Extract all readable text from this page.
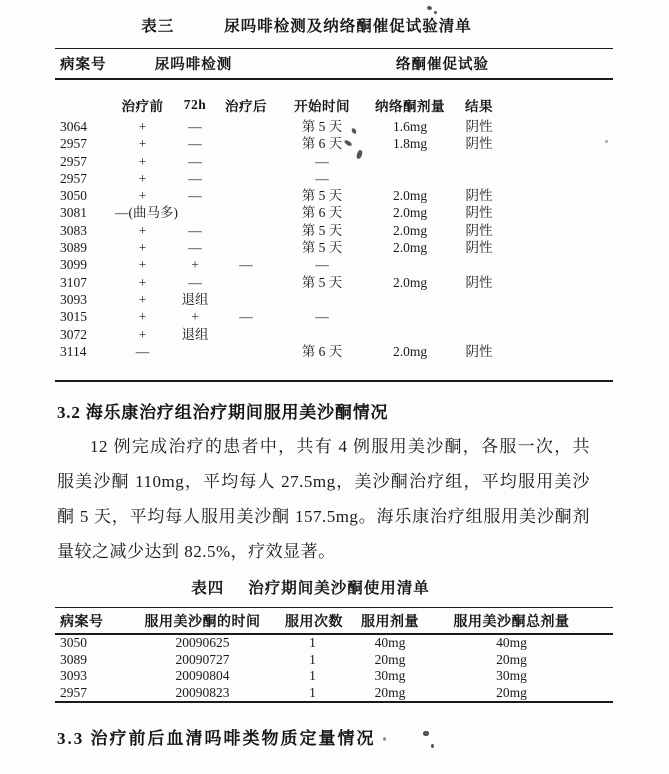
表三	尿吗啡检测及纳络酮催促试验清单
病案号	尿吗啡检测			络酮催促试验			
	治疗前	72h	治疗后	开始时间	纳络酮剂量	结果	
3064	+	—		第 5 天	1.6mg	阴性	
2957	+	—		第 6 天	1.8mg	阴性	
2957	+	—		—			
2957	+	—		—			
3050	+	—		第 5 天	2.0mg	阴性	
3081	—(曲马多)			第 6 天	2.0mg	阴性	
3083	+	—		第 5 天	2.0mg	阴性	
3089	+	—		第 5 天	2.0mg	阴性	
3099	+	+	—	—			
3107	+	—		第 5 天	2.0mg	阴性	
3093	+	退组					
3015	+	+	—	—			
3072	+	退组					
3114	—			第 6 天	2.0mg	阴性	
3.2 海乐康治疗组治疗期间服用美沙酮情况
12 例完成治疗的患者中，共有 4 例服用美沙酮，各服一次，共
服美沙酮 110mg，平均每人 27.5mg，美沙酮治疗组，平均服用美沙
酮 5 天，平均每人服用美沙酮 157.5mg。海乐康治疗组服用美沙酮剂
量较之减少达到 82.5%，疗效显著。
表四 治疗期间美沙酮使用清单
病案号	服用美沙酮的时间	服用次数	服用剂量	服用美沙酮总剂量	
3050	20090625	1	40mg	40mg	
3089	20090727	1	20mg	20mg	
3093	20090804	1	30mg	30mg	
2957	20090823	1	20mg	20mg	
3.3 治疗前后血清吗啡类物质定量情况
